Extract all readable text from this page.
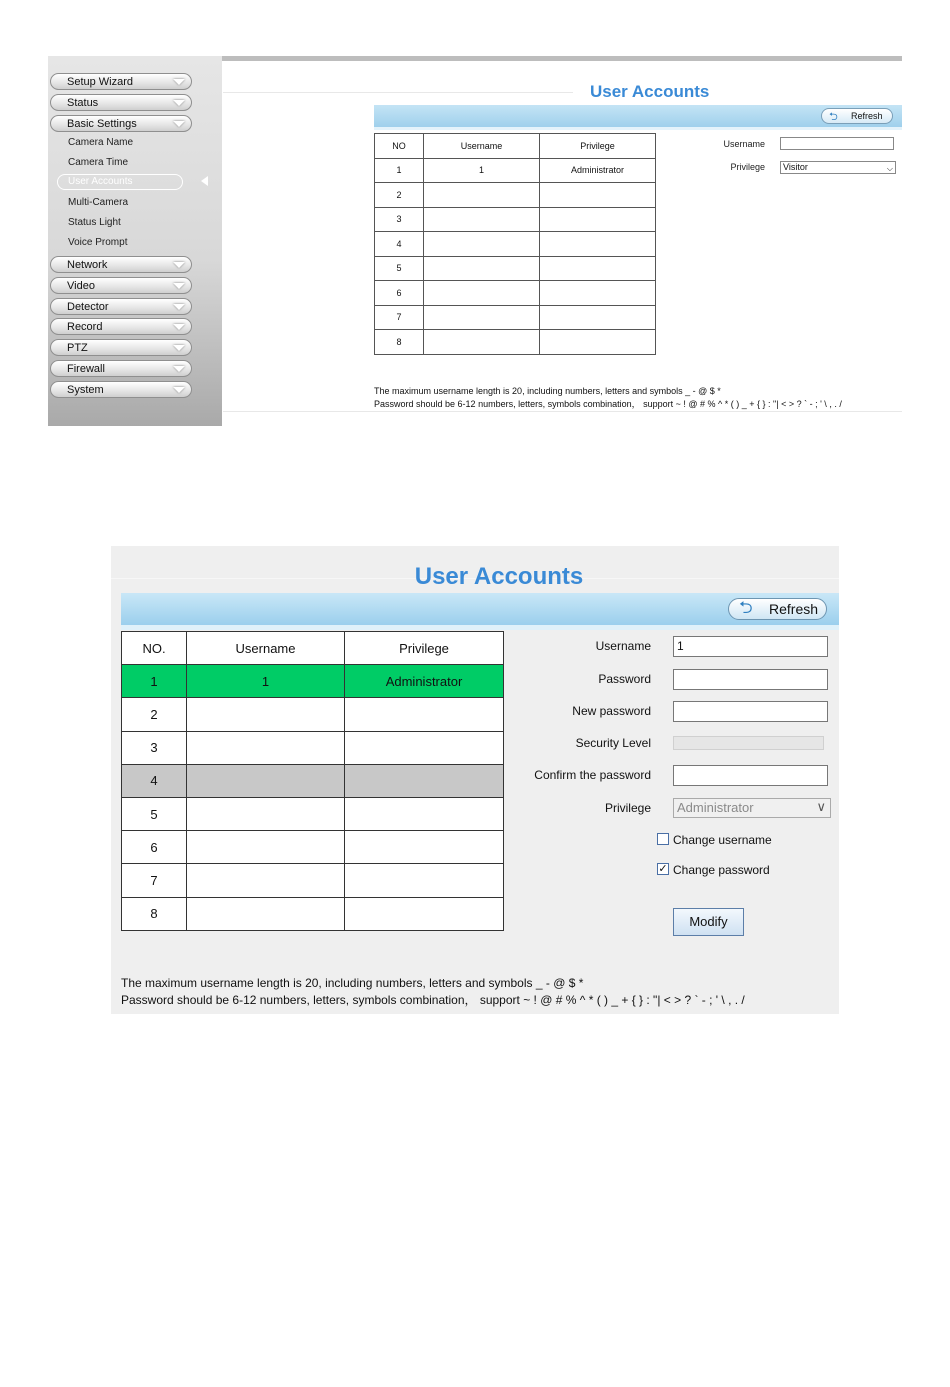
Setup Wizard
Status
Basic Settings
Camera Name
Camera Time
User Accounts
Multi-Camera
Status Light
Voice Prompt
Network
Video
Detector
Record
PTZ
Firewall
System
User Accounts
⮌ Refresh
NO	Username	Privilege
1	1	Administrator
2		
3		
4		
5		
6		
7		
8		
Username
Privilege	Visitor	⌵
The maximum username length is 20, including numbers, letters and symbols _ - @ $ *
Password should be 6-12 numbers, letters, symbols combination， support ~ ! @ # % ^ * ( ) _ + { } : "| < > ? ` - ; ' \ , . /
User Accounts
⮌ Refresh
NO.	Username	Privilege
1	1	Administrator
2		
3		
4		
5		
6		
7		
8		
Username	1
Password
New password
Security Level
Confirm the password
Privilege	Administrator	∨
Change username
✓ Change password
Modify
The maximum username length is 20, including numbers, letters and symbols _ - @ $ *
Password should be 6-12 numbers, letters, symbols combination， support ~ ! @ # % ^ * ( ) _ + { } : "| < > ? ` - ; ' \ , . /
